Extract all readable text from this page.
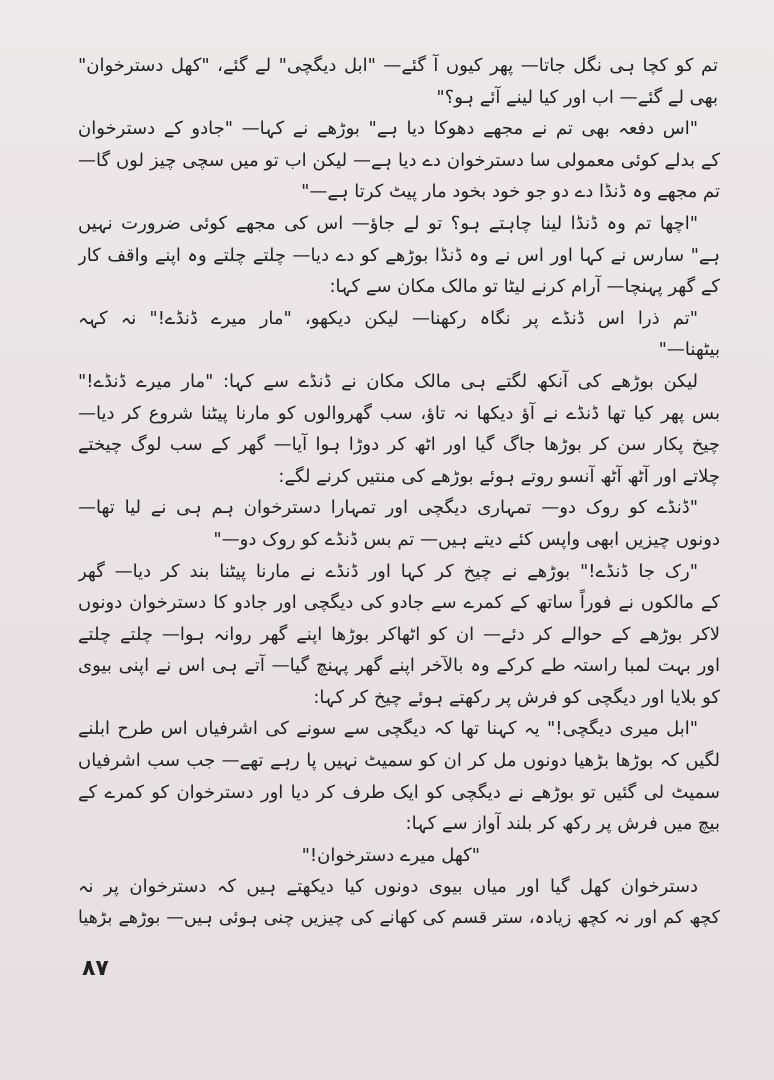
تم کو کچا ہی نگل جاتا— پھر کیوں آ گئے— "ابل دیگچی" لے گئے، "کھل دسترخوان"
بھی لے گئے— اب اور کیا لینے آئے ہو؟"
"اس دفعہ بھی تم نے مجھے دھوکا دیا ہے" بوڑھے نے کہا— "جادو کے دسترخوان
کے بدلے کوئی معمولی سا دسترخوان دے دیا ہے— لیکن اب تو میں سچی چیز لوں گا—
تم مجھے وہ ڈنڈا دے دو جو خود بخود مار پیٹ کرتا ہے—"
"اچھا تم وہ ڈنڈا لینا چاہتے ہو؟ تو لے جاؤ— اس کی مجھے کوئی ضرورت نہیں
ہے" سارس نے کہا اور اس نے وہ ڈنڈا بوڑھے کو دے دیا— چلتے چلتے وہ اپنے واقف کار
کے گھر پہنچا— آرام کرنے لیٹا تو مالک مکان سے کہا:
"تم ذرا اس ڈنڈے پر نگاہ رکھنا— لیکن دیکھو، "مار میرے ڈنڈے!" نہ کہہ
بیٹھنا—"
لیکن بوڑھے کی آنکھ لگتے ہی مالک مکان نے ڈنڈے سے کہا: "مار میرے ڈنڈے!"
بس پھر کیا تھا ڈنڈے نے آؤ دیکھا نہ تاؤ، سب گھروالوں کو مارنا پیٹنا شروع کر دیا—
چیخ پکار سن کر بوڑھا جاگ گیا اور اٹھ کر دوڑا ہوا آیا— گھر کے سب لوگ چیختے
چلاتے اور آٹھ آٹھ آنسو روتے ہوئے بوڑھے کی منتیں کرنے لگے:
"ڈنڈے کو روک دو— تمہاری دیگچی اور تمہارا دسترخوان ہم ہی نے لیا تھا—
دونوں چیزیں ابھی واپس کئے دیتے ہیں— تم بس ڈنڈے کو روک دو—"
"رک جا ڈنڈے!" بوڑھے نے چیخ کر کہا اور ڈنڈے نے مارنا پیٹنا بند کر دیا— گھر
کے مالکوں نے فوراً ساتھ کے کمرے سے جادو کی دیگچی اور جادو کا دسترخوان دونوں
لاکر بوڑھے کے حوالے کر دئے— ان کو اٹھاکر بوڑھا اپنے گھر روانہ ہوا— چلتے چلتے
اور بہت لمبا راستہ طے کرکے وہ بالآخر اپنے گھر پہنچ گیا— آتے ہی اس نے اپنی بیوی
کو بلایا اور دیگچی کو فرش پر رکھتے ہوئے چیخ کر کہا:
"ابل میری دیگچی!" یہ کہنا تھا کہ دیگچی سے سونے کی اشرفیاں اس طرح ابلنے
لگیں کہ بوڑھا بڑھیا دونوں مل کر ان کو سمیٹ نہیں پا رہے تھے— جب سب اشرفیاں
سمیٹ لی گئیں تو بوڑھے نے دیگچی کو ایک طرف کر دیا اور دسترخوان کو کمرے کے
بیچ میں فرش پر رکھ کر بلند آواز سے کہا:
"کھل میرے دسترخوان!"
دسترخوان کھل گیا اور میاں بیوی دونوں کیا دیکھتے ہیں کہ دسترخوان پر نہ
کچھ کم اور نہ کچھ زیادہ، ستر قسم کی کھانے کی چیزیں چنی ہوئی ہیں— بوڑھے بڑھیا
۸۷
